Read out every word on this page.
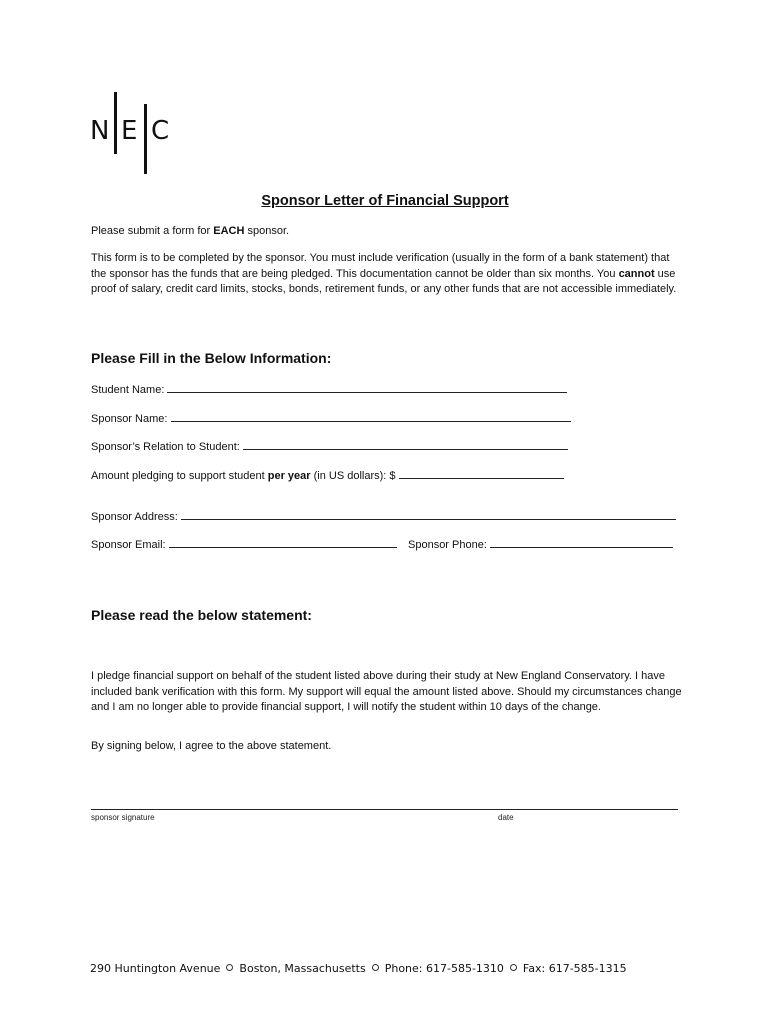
N E C
Sponsor Letter of Financial Support
Please submit a form for EACH sponsor.
This form is to be completed by the sponsor. You must include verification (usually in the form of a bank statement) that the sponsor has the funds that are being pledged. This documentation cannot be older than six months. You cannot use proof of salary, credit card limits, stocks, bonds, retirement funds, or any other funds that are not accessible immediately.
Please Fill in the Below Information:
Student Name:
Sponsor Name:
Sponsor’s Relation to Student:
Amount pledging to support student per year (in US dollars): $
Sponsor Address:
Sponsor Email:	Sponsor Phone:
Please read the below statement:
I pledge financial support on behalf of the student listed above during their study at New England Conservatory. I have included bank verification with this form. My support will equal the amount listed above. Should my circumstances change and I am no longer able to provide financial support, I will notify the student within 10 days of the change.
By signing below, I agree to the above statement.
sponsor signature	date
290 Huntington Avenue Boston, Massachusetts Phone: 617-585-1310 Fax: 617-585-1315
